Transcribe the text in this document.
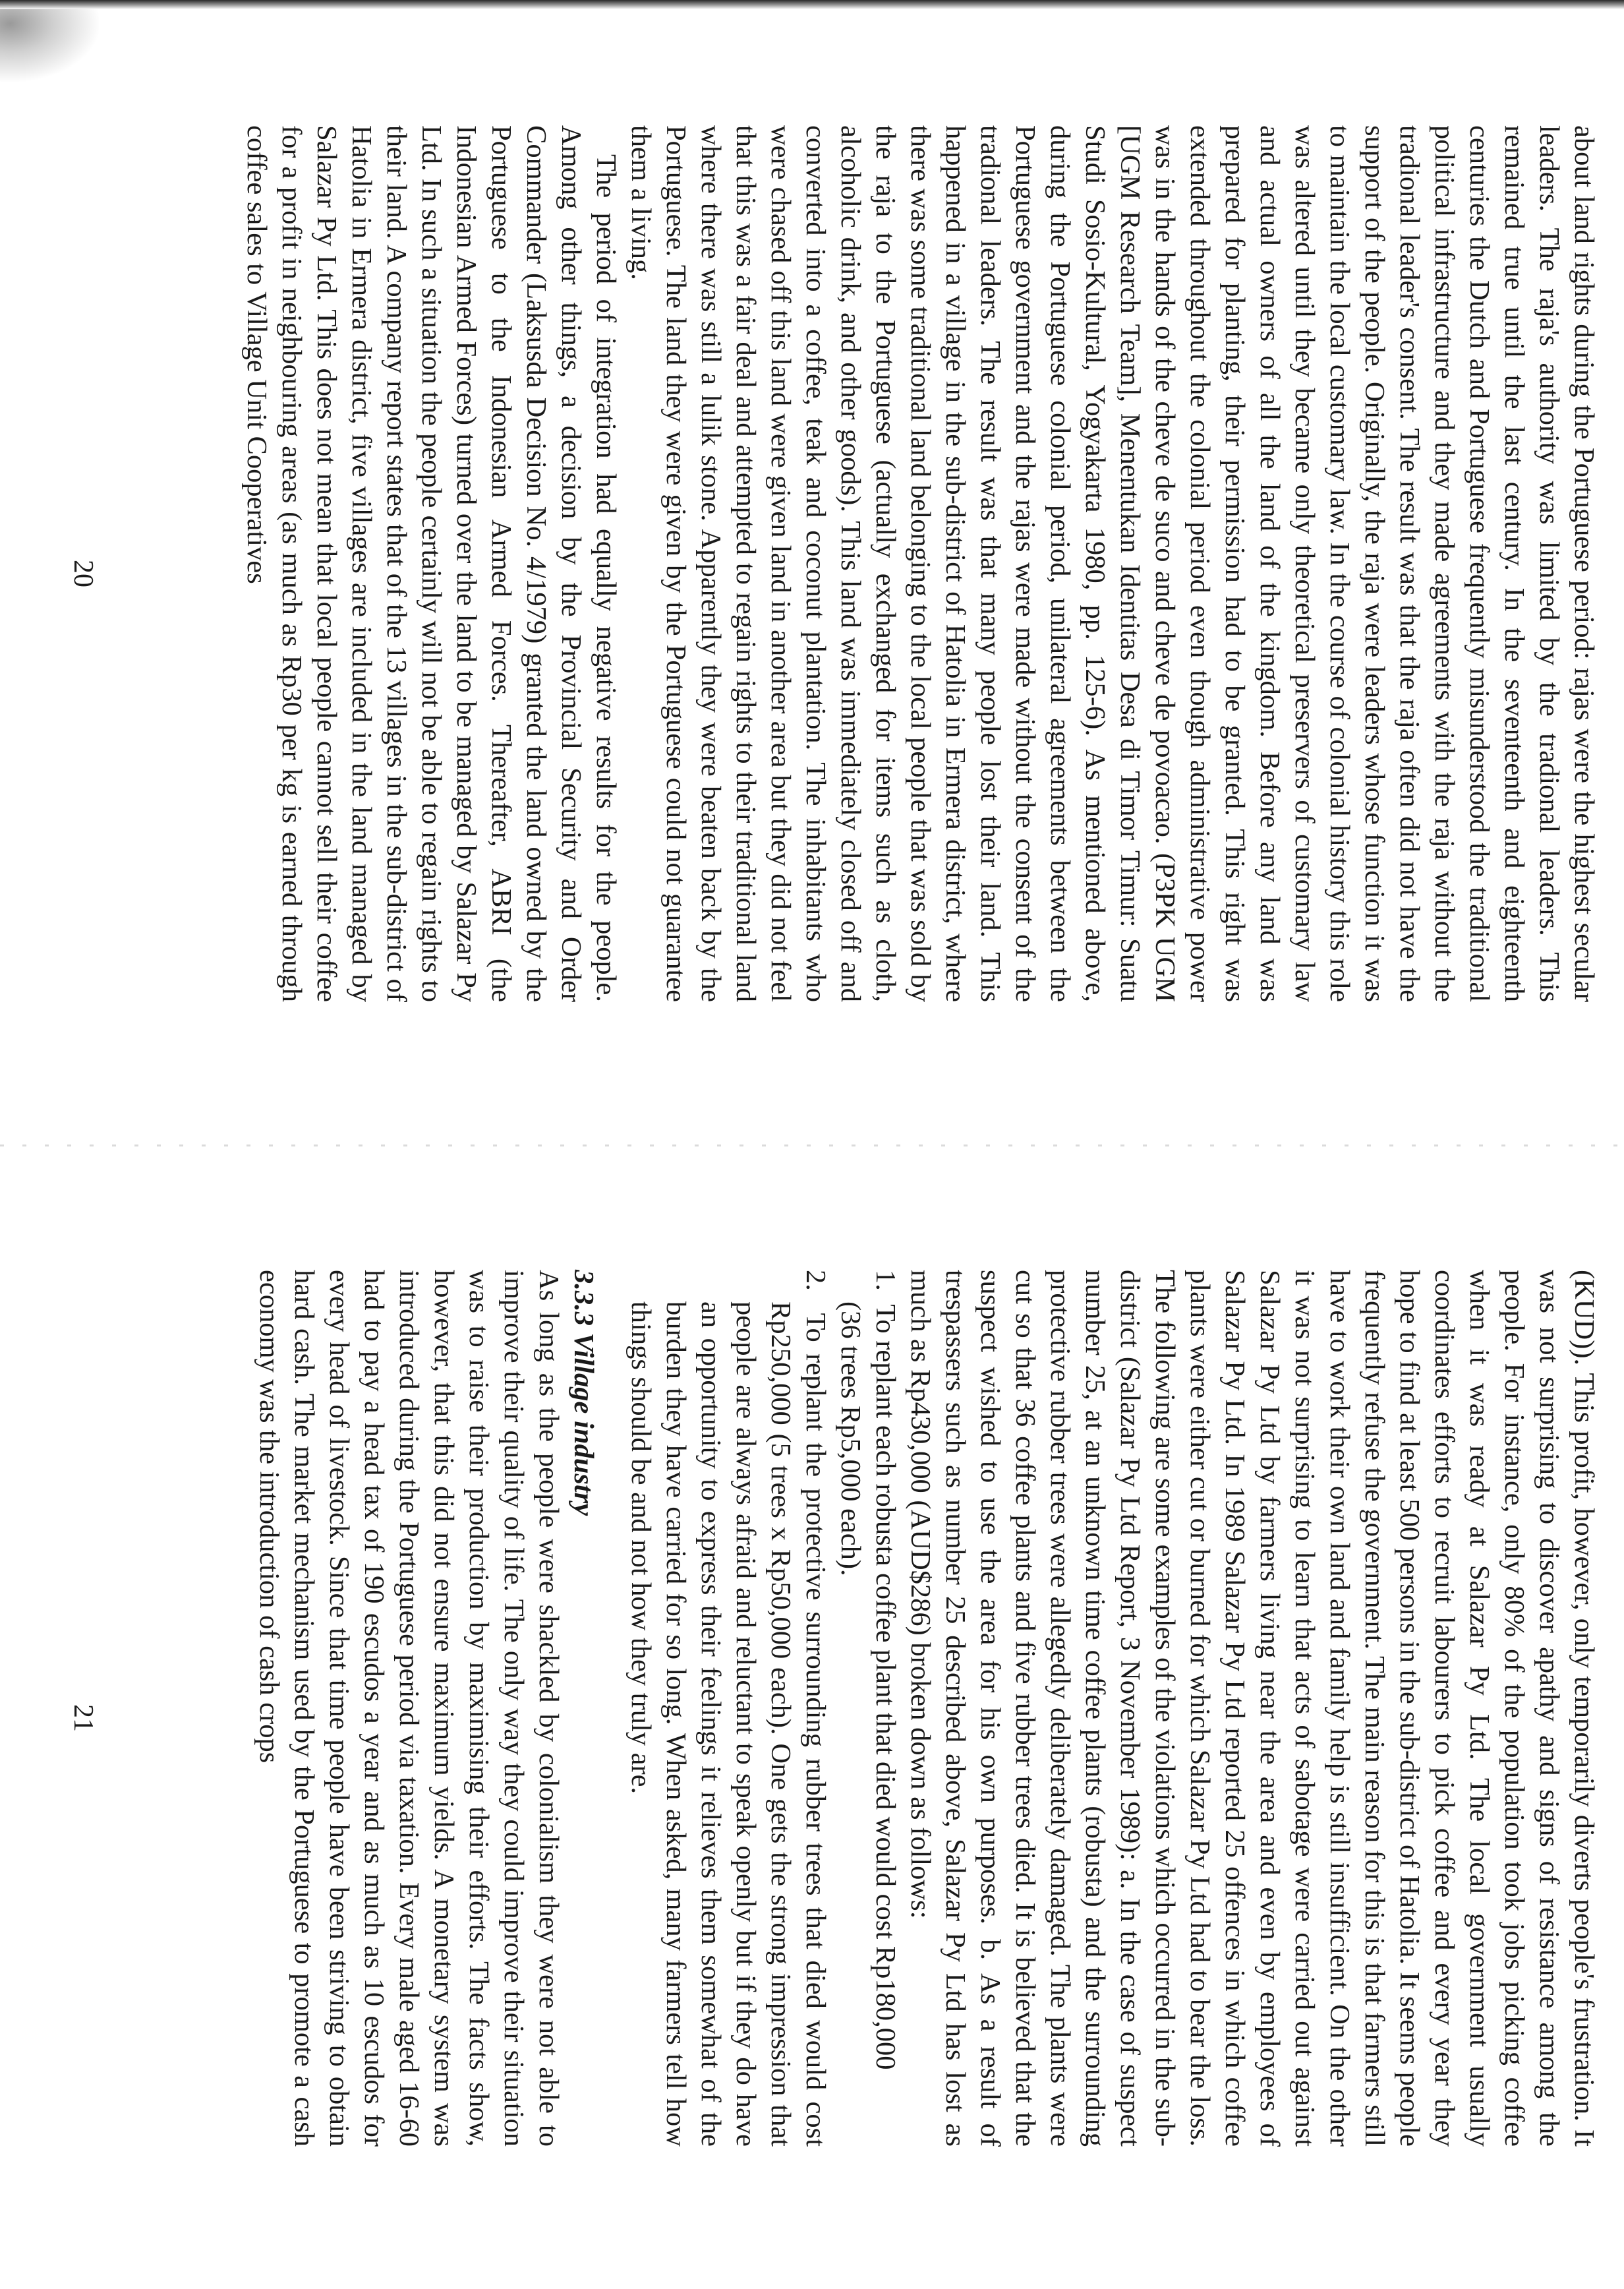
about land rights during the Portuguese period: rajas were the highest secular leaders. The raja's authority was limited by the tradional leaders. This remained true until the last century. In the seventeenth and eighteenth centuries the Dutch and Portuguese frequently misunderstood the traditional political infrastructure and they made agreements with the raja without the tradional leader's consent. The result was that the raja often did not have the support of the people. Originally, the raja were leaders whose function it was to maintain the local customary law. In the course of colonial history this role was altered until they became only theoretical preservers of customary law and actual owners of all the land of the kingdom. Before any land was prepared for planting, their permission had to be granted. This right was extended throughout the colonial period even though administrative power was in the hands of the cheve de suco and cheve de povoacao. (P3PK UGM [UGM Research Team], Menentukan Identitas Desa di Timor Timur: Suatu Studi Sosio-Kultural, Yogyakarta 1980, pp. 125-6). As mentioned above, during the Portuguese colonial period, unilateral agreements between the Portuguese government and the rajas were made without the consent of the tradional leaders. The result was that many people lost their land. This happened in a village in the sub-district of Hatolia in Ermera district, where there was some traditional land belonging to the local people that was sold by the raja to the Portuguese (actually exchanged for items such as cloth, alcoholic drink, and other goods). This land was immediately closed off and converted into a coffee, teak and coconut plantation. The inhabitants who were chased off this land were given land in another area but they did not feel that this was a fair deal and attempted to regain rights to their traditional land where there was still a lulik stone. Apparently they were beaten back by the Portuguese. The land they were given by the Portuguese could not guarantee them a living.

The period of integration had equally negative results for the people. Among other things, a decision by the Provincial Security and Order Commander (Laksusda Decision No. 4/1979) granted the land owned by the Portuguese to the Indonesian Armed Forces. Thereafter, ABRI (the Indonesian Armed Forces) turned over the land to be managed by Salazar Py Ltd. In such a situation the people certainly will not be able to regain rights to their land. A company report states that of the 13 villages in the sub-district of Hatolia in Ermera district, five villages are included in the land managed by Salazar Py Ltd. This does not mean that local people cannot sell their coffee for a profit in neighbouring areas (as much as Rp30 per kg is earned through coffee sales to Village Unit Cooperatives

20

(KUD)). This profit, however, only temporarily diverts people's frustration. It was not surprising to discover apathy and signs of resistance among the people. For instance, only 80% of the population took jobs picking coffee when it was ready at Salazar Py Ltd. The local government usually coordinates efforts to recruit labourers to pick coffee and every year they hope to find at least 500 persons in the sub-district of Hatolia. It seems people frequently refuse the government. The main reason for this is that farmers still have to work their own land and family help is still insufficient. On the other it was not surprising to learn that acts of sabotage were carried out against Salazar Py Ltd by farmers living near the area and even by employees of Salazar Py Ltd. In 1989 Salazar Py Ltd reported 25 offences in which coffee plants were either cut or burned for which Salazar Py Ltd had to bear the loss. The following are some examples of the violations which occurred in the sub-district (Salazar Py Ltd Report, 3 November 1989): a. In the case of suspect number 25, at an unknown time coffee plants (robusta) and the surrounding protective rubber trees were allegedly deliberately damaged. The plants were cut so that 36 coffee plants and five rubber trees died. It is believed that the suspect wished to use the area for his own purposes. b. As a result of trespassers such as number 25 described above, Salazar Py Ltd has lost as much as Rp430,000 (AUD$286) broken down as follows:

1.  To replant each robusta coffee plant that died would cost Rp180,000

(36 trees Rp5,000 each).

2.  To replant the protective surrounding rubber trees that died would cost Rp250,000 (5 trees x Rp50,000 each). One gets the strong impression that people are always afraid and reluctant to speak openly but if they do have an opportunity to express their feelings it relieves them somewhat of the burden they have carried for so long. When asked, many farmers tell how things should be and not how they truly are.

3.3.3 Village industry

As long as the people were shackled by colonialism they were not able to improve their quality of life. The only way they could improve their situation was to raise their production by maximising their efforts. The facts show, however, that this did not ensure maximum yields. A monetary system was introduced during the Portuguese period via taxation. Every male aged 16-60 had to pay a head tax of 190 escudos a year and as much as 10 escudos for every head of livestock. Since that time people have been striving to obtain hard cash. The market mechanism used by the Portuguese to promote a cash economy was the introduction of cash crops

21
